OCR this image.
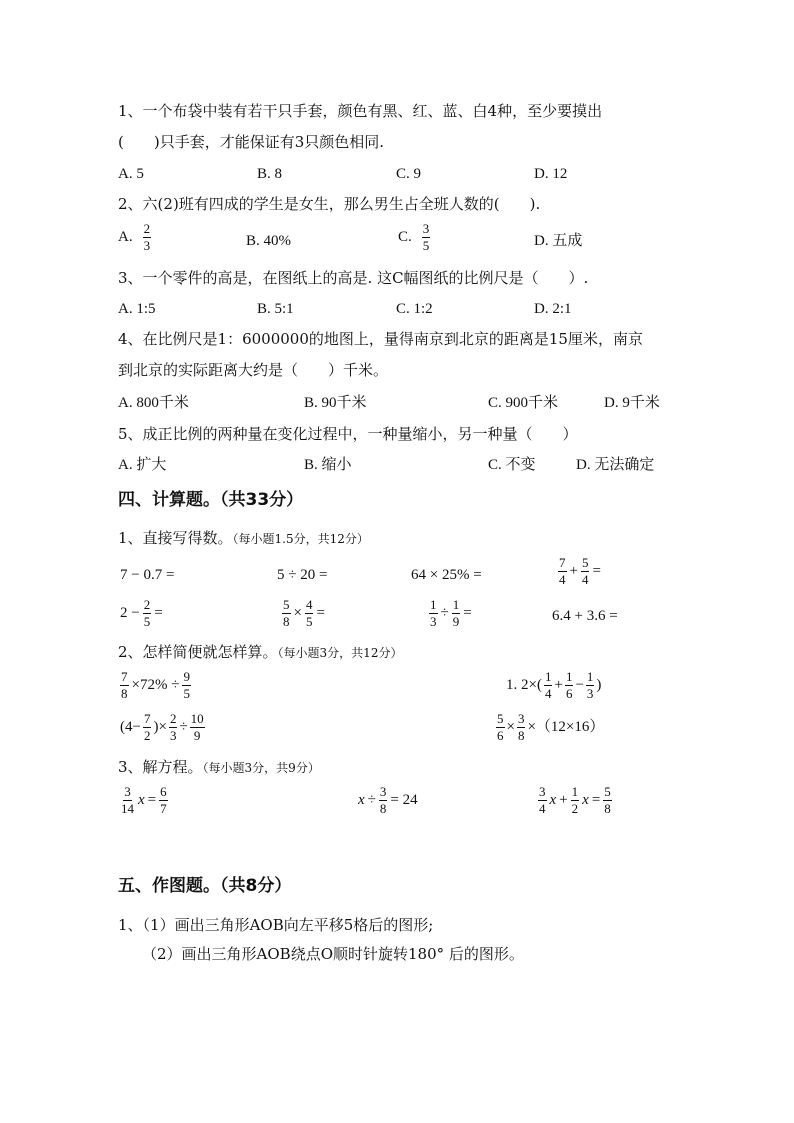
1、一个布袋中装有若干只手套，颜色有黑、红、蓝、白4种，至少要摸出
(　　)只手套，才能保证有3只颜色相同.
A. 5	B. 8	C. 9	D. 12
2、六(2)班有四成的学生是女生，那么男生占全班人数的(　　).
A. $\frac{2}{3}$	B. 40%	C. $\frac{3}{5}$	D. 五成
3、一个零件的高是，在图纸上的高是. 这C幅图纸的比例尺是（　　）.
A. 1:5	B. 5:1	C. 1:2	D. 2:1
4、在比例尺是1：6000000的地图上，量得南京到北京的距离是15厘米，南京
到北京的实际距离大约是（　　）千米。
A. 800千米	B. 90千米	C. 900千米	D. 9千米
5、成正比例的两种量在变化过程中，一种量缩小，另一种量（　　）
A. 扩大	B. 缩小	C. 不变	D. 无法确定
四、计算题。（共33分）
1、直接写得数。（每小题1.5分，共12分）
7 − 0.7 =	5 ÷ 20 =	64 × 25% =	$\frac{7}{4} + \frac{5}{4}$ =
$2 - \frac{2}{5}$ =	$\frac{5}{8} \times \frac{4}{5}$ =	$\frac{1}{3} \div \frac{1}{9}$ =	6.4 + 3.6 =
2、怎样简便就怎样算。（每小题3分，共12分）
$\frac{7}{8} \times 72\% \div \frac{9}{5}$	1. $2\times( \frac{1}{4} + \frac{1}{6} - \frac{1}{3}$ )
($4- \frac{7}{2}$ )× $\frac{2}{3} \div \frac{10}{9}$	$\frac{5}{6} \times \frac{3}{8} \times(12\times 16)$
3、解方程。（每小题3分，共9分）
$\frac{3}{14}$ $x = \frac{6}{7}$	$x \div \frac{3}{8} = 24$	$\frac{3}{4}$ $x + \frac{1}{2}$ $x = \frac{5}{8}$
五、作图题。（共8分）
1、（1）画出三角形AOB向左平移5格后的图形;
（2）画出三角形AOB绕点O顺时针旋转180° 后的图形。
